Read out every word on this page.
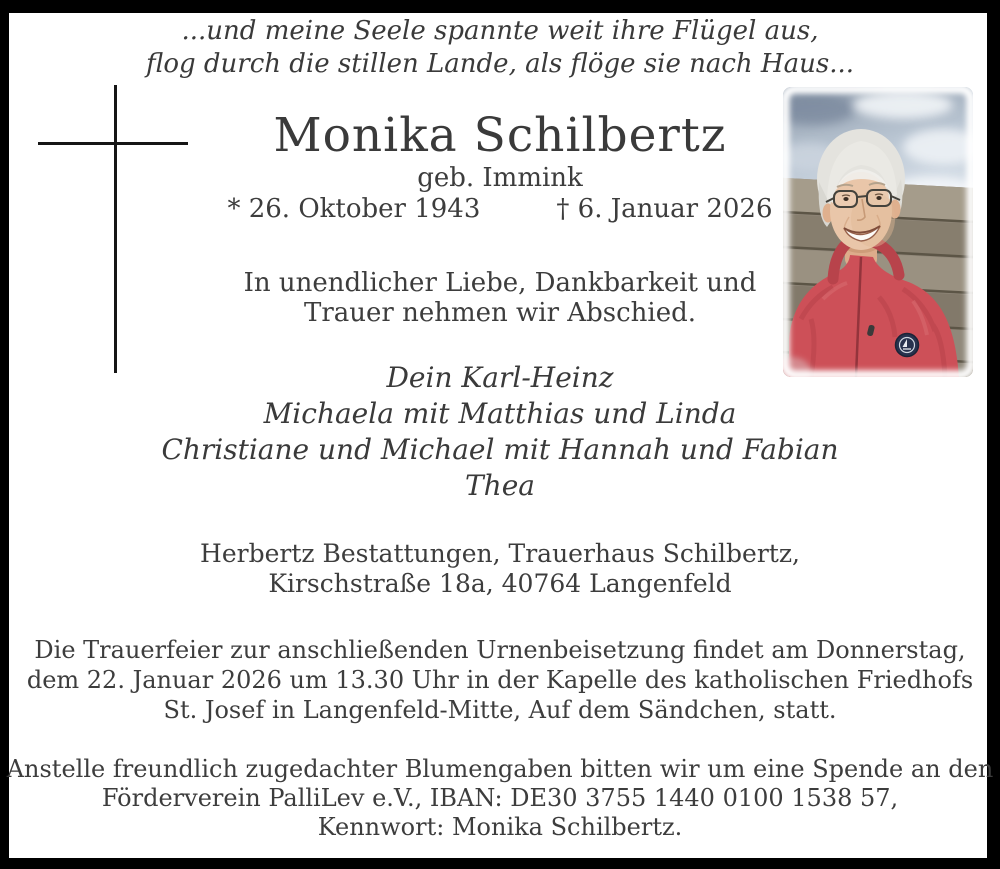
...und meine Seele spannte weit ihre Flügel aus,
flog durch die stillen Lande, als flöge sie nach Haus...
Monika Schilbertz
geb. Immink
* 26. Oktober 1943	† 6. Januar 2026
In unendlicher Liebe, Dankbarkeit und
Trauer nehmen wir Abschied.
Dein Karl-Heinz
Michaela mit Matthias und Linda
Christiane und Michael mit Hannah und Fabian
Thea
Herbertz Bestattungen, Trauerhaus Schilbertz,
Kirschstraße 18a, 40764 Langenfeld
Die Trauerfeier zur anschließenden Urnenbeisetzung findet am Donnerstag,
dem 22. Januar 2026 um 13.30 Uhr in der Kapelle des katholischen Friedhofs
St. Josef in Langenfeld-Mitte, Auf dem Sändchen, statt.
Anstelle freundlich zugedachter Blumengaben bitten wir um eine Spende an den
Förderverein PalliLev e.V., IBAN: DE30 3755 1440 0100 1538 57,
Kennwort: Monika Schilbertz.
